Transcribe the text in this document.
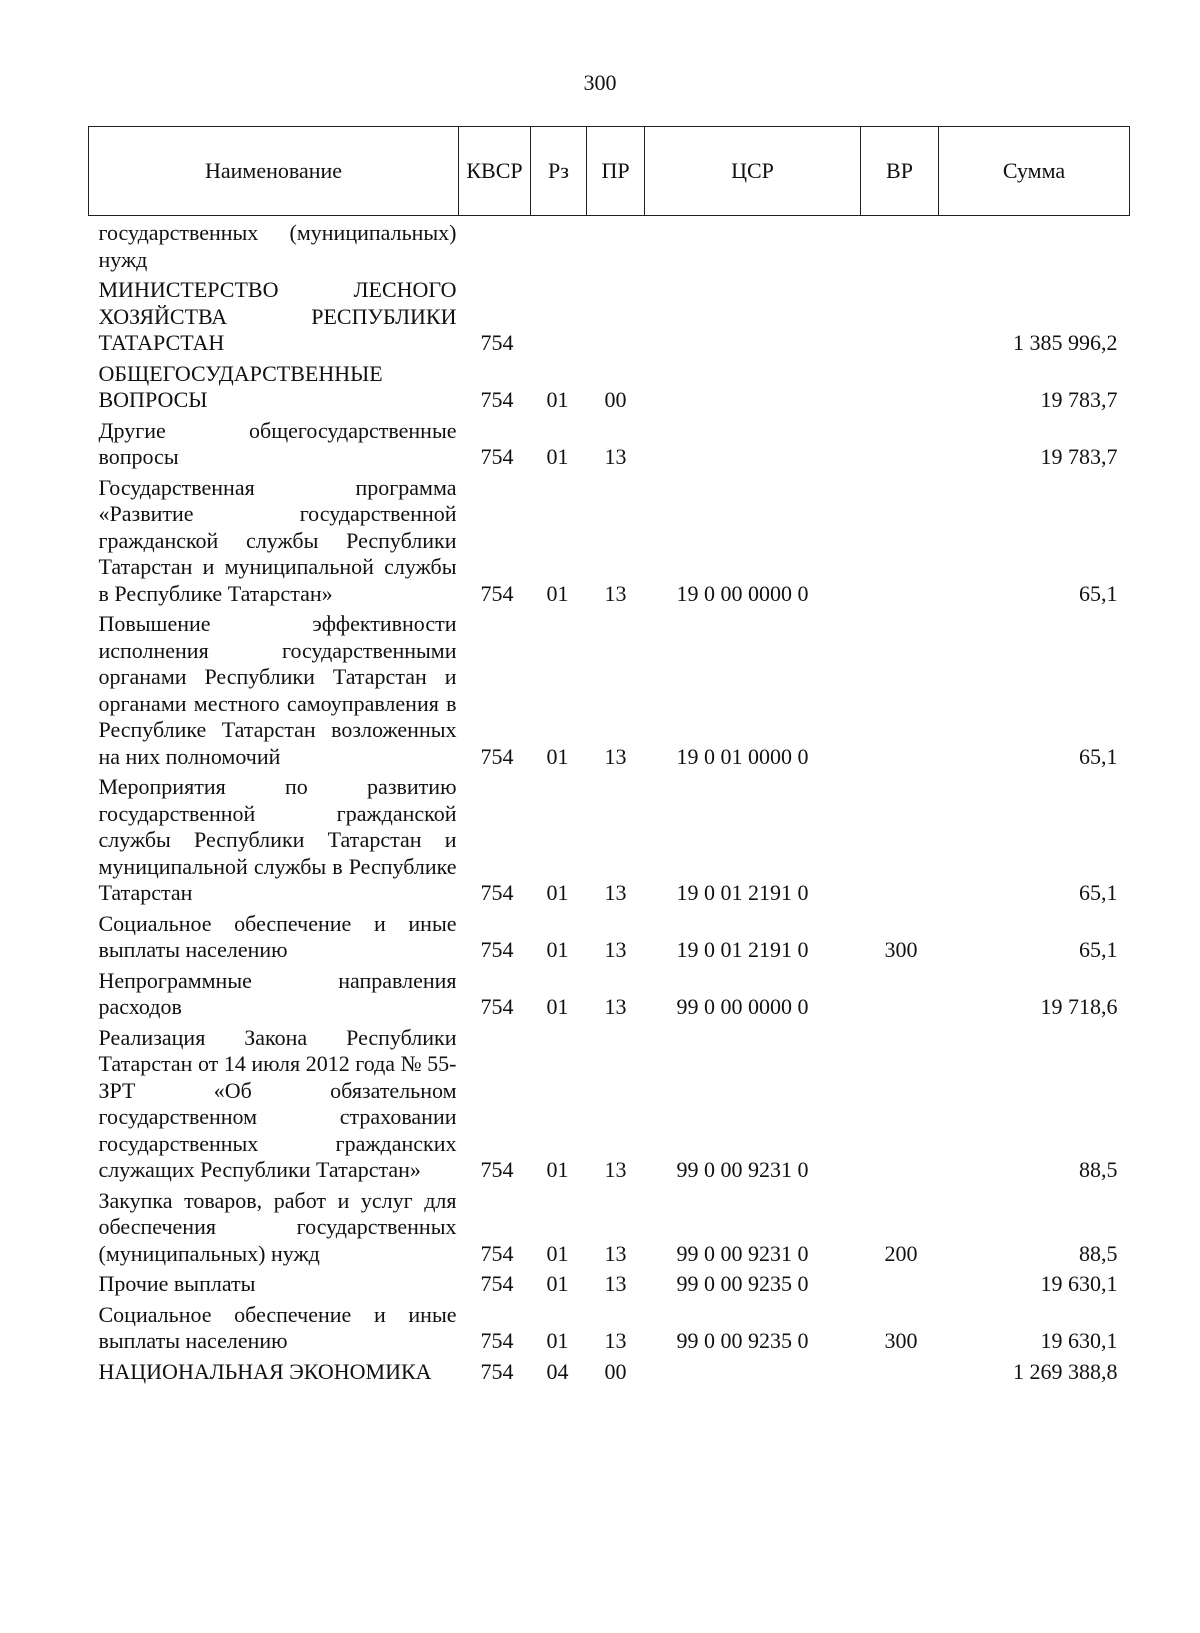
300
Наименование	КВСР	Рз	ПР	ЦСР	ВР	Сумма
государственных (муниципальных) нужд						
МИНИСТЕРСТВО ЛЕСНОГО ХОЗЯЙСТВА РЕСПУБЛИКИ ТАТАРСТАН	754					1 385 996,2
ОБЩЕГОСУДАРСТВЕННЫЕ ВОПРОСЫ	754	01	00			19 783,7
Другие общегосударственные вопросы	754	01	13			19 783,7
Государственная программа «Развитие государственной гражданской службы Республики Татарстан и муниципальной службы в Республике Татарстан»	754	01	13	19 0 00 0000 0		65,1
Повышение эффективности исполнения государственными органами Республики Татарстан и органами местного самоуправления в Республике Татарстан возложенных на них полномочий	754	01	13	19 0 01 0000 0		65,1
Мероприятия по развитию государственной гражданской службы Республики Татарстан и муниципальной службы в Республике Татарстан	754	01	13	19 0 01 2191 0		65,1
Социальное обеспечение и иные выплаты населению	754	01	13	19 0 01 2191 0	300	65,1
Непрограммные направления расходов	754	01	13	99 0 00 0000 0		19 718,6
Реализация Закона Республики Татарстан от 14 июля 2012 года № 55-ЗРТ «Об обязательном государственном страховании государственных гражданских служащих Республики Татарстан»	754	01	13	99 0 00 9231 0		88,5
Закупка товаров, работ и услуг для обеспечения государственных (муниципальных) нужд	754	01	13	99 0 00 9231 0	200	88,5
Прочие выплаты	754	01	13	99 0 00 9235 0		19 630,1
Социальное обеспечение и иные выплаты населению	754	01	13	99 0 00 9235 0	300	19 630,1
НАЦИОНАЛЬНАЯ ЭКОНОМИКА	754	04	00			1 269 388,8
